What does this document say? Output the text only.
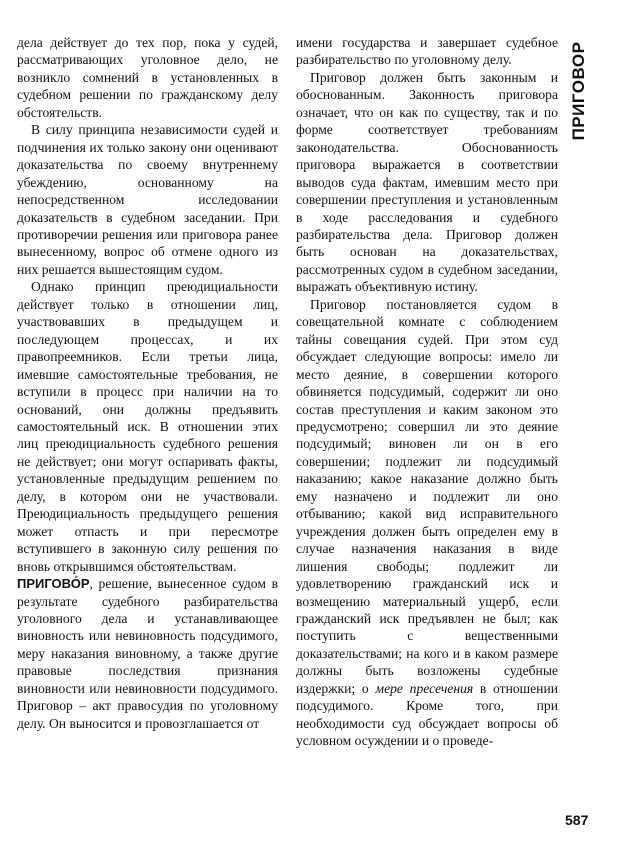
ПРИГОВОР

дела действует до тех пор, пока у судей, рассматривающих уголовное дело, не возникло сомнений в установленных в судебном решении по гражданскому делу обстоятельств.

В силу принципа независимости судей и подчинения их только закону они оценивают доказательства по своему внутреннему убеждению, основанному на непосредственном исследовании доказательств в судебном заседании. При противоречии решения или приговора ранее вынесенному, вопрос об отмене одного из них решается вышестоящим судом.

Однако принцип преюдициальности действует только в отношении лиц, участвовавших в предыдущем и последующем процессах, и их правопреемников. Если третьи лица, имевшие самостоятельные требования, не вступили в процесс при наличии на то оснований, они должны предъявить самостоятельный иск. В отношении этих лиц преюдициальность судебного решения не действует; они могут оспаривать факты, установленные предыдущим решением по делу, в котором они не участвовали. Преюдициальность предыдущего решения может отпасть и при пересмотре вступившего в законную силу решения по вновь открывшимся обстоятельствам.

ПРИГОВО́Р, решение, вынесенное судом в результате судебного разбирательства уголовного дела и устанавливающее виновность или невиновность подсудимого, меру наказания виновному, а также другие правовые последствия признания виновности или невиновности подсудимого. Приговор – акт правосудия по уголовному делу. Он выносится и провозглашается от

имени государства и завершает судебное разбирательство по уголовному делу.

Приговор должен быть законным и обоснованным. Законность приговора означает, что он как по существу, так и по форме соответствует требованиям законодательства. Обоснованность приговора выражается в соответствии выводов суда фактам, имевшим место при совершении преступления и установленным в ходе расследования и судебного разбирательства дела. Приговор должен быть основан на доказательствах, рассмотренных судом в судебном заседании, выражать объективную истину.

Приговор постановляется судом в совещательной комнате с соблюдением тайны совещания судей. При этом суд обсуждает следующие вопросы: имело ли место деяние, в совершении которого обвиняется подсудимый, содержит ли оно состав преступления и каким законом это предусмотрено; совершил ли это деяние подсудимый; виновен ли он в его совершении; подлежит ли подсудимый наказанию; какое наказание должно быть ему назначено и подлежит ли оно отбыванию; какой вид исправительного учреждения должен быть определен ему в случае назначения наказания в виде лишения свободы; подлежит ли удовлетворению гражданский иск и возмещению материальный ущерб, если гражданский иск предъявлен не был; как поступить с вещественными доказательствами; на кого и в каком размере должны быть возложены судебные издержки; о мере пресечения в отношении подсудимого. Кроме того, при необходимости суд обсуждает вопросы об условном осуждении и о проведе-

587
